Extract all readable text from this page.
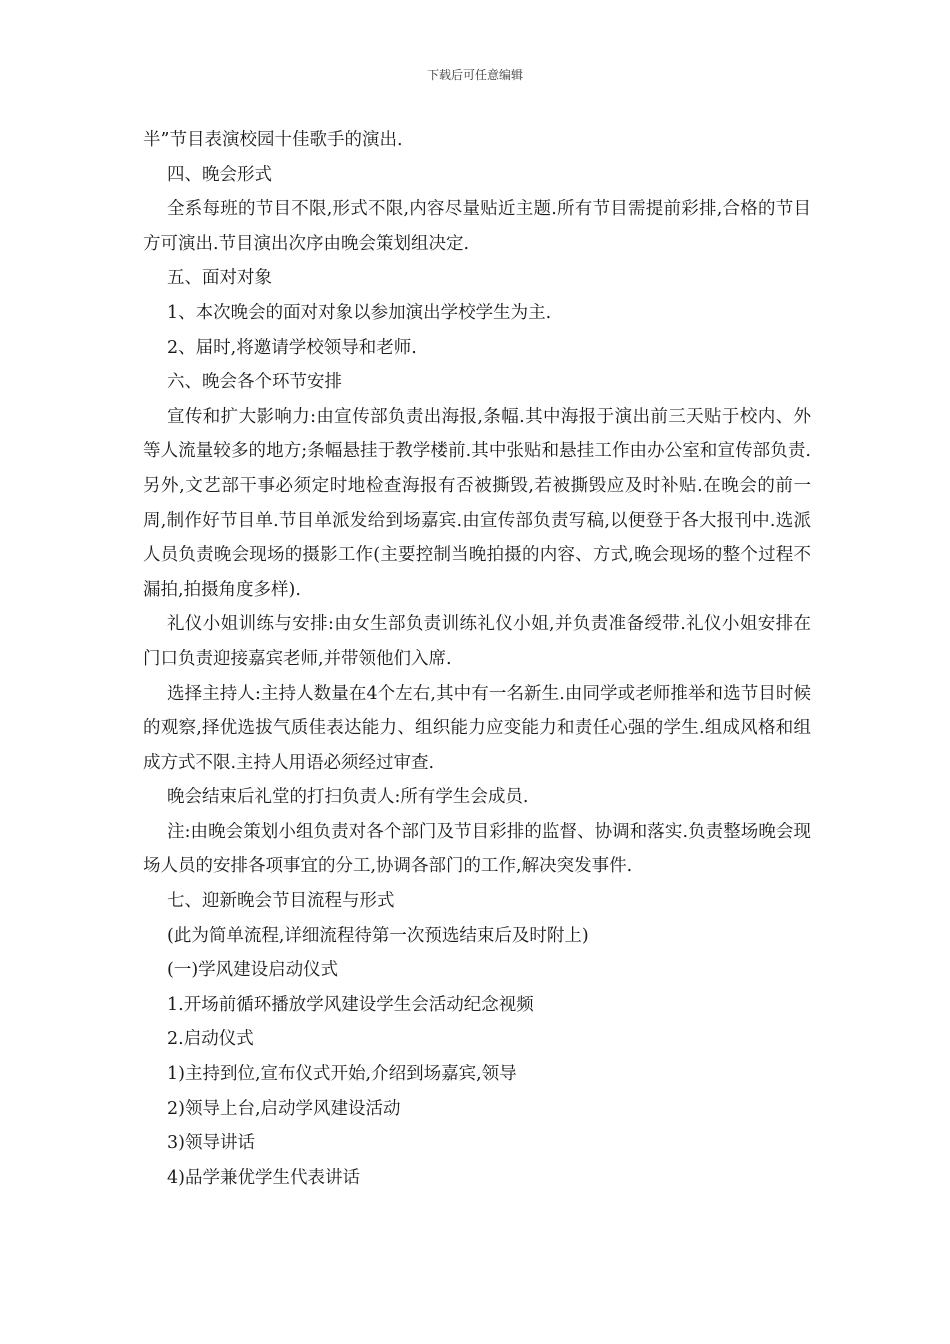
下载后可任意编辑

半”节目表演校园十佳歌手的演出.

四、晚会形式

全系每班的节目不限,形式不限,内容尽量贴近主题.所有节目需提前彩排,合格的节目方可演出.节目演出次序由晚会策划组决定.

五、面对对象

1、本次晚会的面对对象以参加演出学校学生为主.

2、届时,将邀请学校领导和老师.

六、晚会各个环节安排

宣传和扩大影响力:由宣传部负责出海报,条幅.其中海报于演出前三天贴于校内、外等人流量较多的地方;条幅悬挂于教学楼前.其中张贴和悬挂工作由办公室和宣传部负责.另外,文艺部干事必须定时地检查海报有否被撕毁,若被撕毁应及时补贴.在晚会的前一周,制作好节目单.节目单派发给到场嘉宾.由宣传部负责写稿,以便登于各大报刊中.选派人员负责晚会现场的摄影工作(主要控制当晚拍摄的内容、方式,晚会现场的整个过程不漏拍,拍摄角度多样).

礼仪小姐训练与安排:由女生部负责训练礼仪小姐,并负责准备绶带.礼仪小姐安排在门口负责迎接嘉宾老师,并带领他们入席.

选择主持人:主持人数量在4个左右,其中有一名新生.由同学或老师推举和选节目时候的观察,择优选拔气质佳表达能力、组织能力应变能力和责任心强的学生.组成风格和组成方式不限.主持人用语必须经过审查.

晚会结束后礼堂的打扫负责人:所有学生会成员.

注:由晚会策划小组负责对各个部门及节目彩排的监督、协调和落实.负责整场晚会现场人员的安排各项事宜的分工,协调各部门的工作,解决突发事件.

七、迎新晚会节目流程与形式

(此为简单流程,详细流程待第一次预选结束后及时附上)

(一)学风建设启动仪式

1.开场前循环播放学风建设学生会活动纪念视频

2.启动仪式

1)主持到位,宣布仪式开始,介绍到场嘉宾,领导

2)领导上台,启动学风建设活动

3)领导讲话

4)品学兼优学生代表讲话
